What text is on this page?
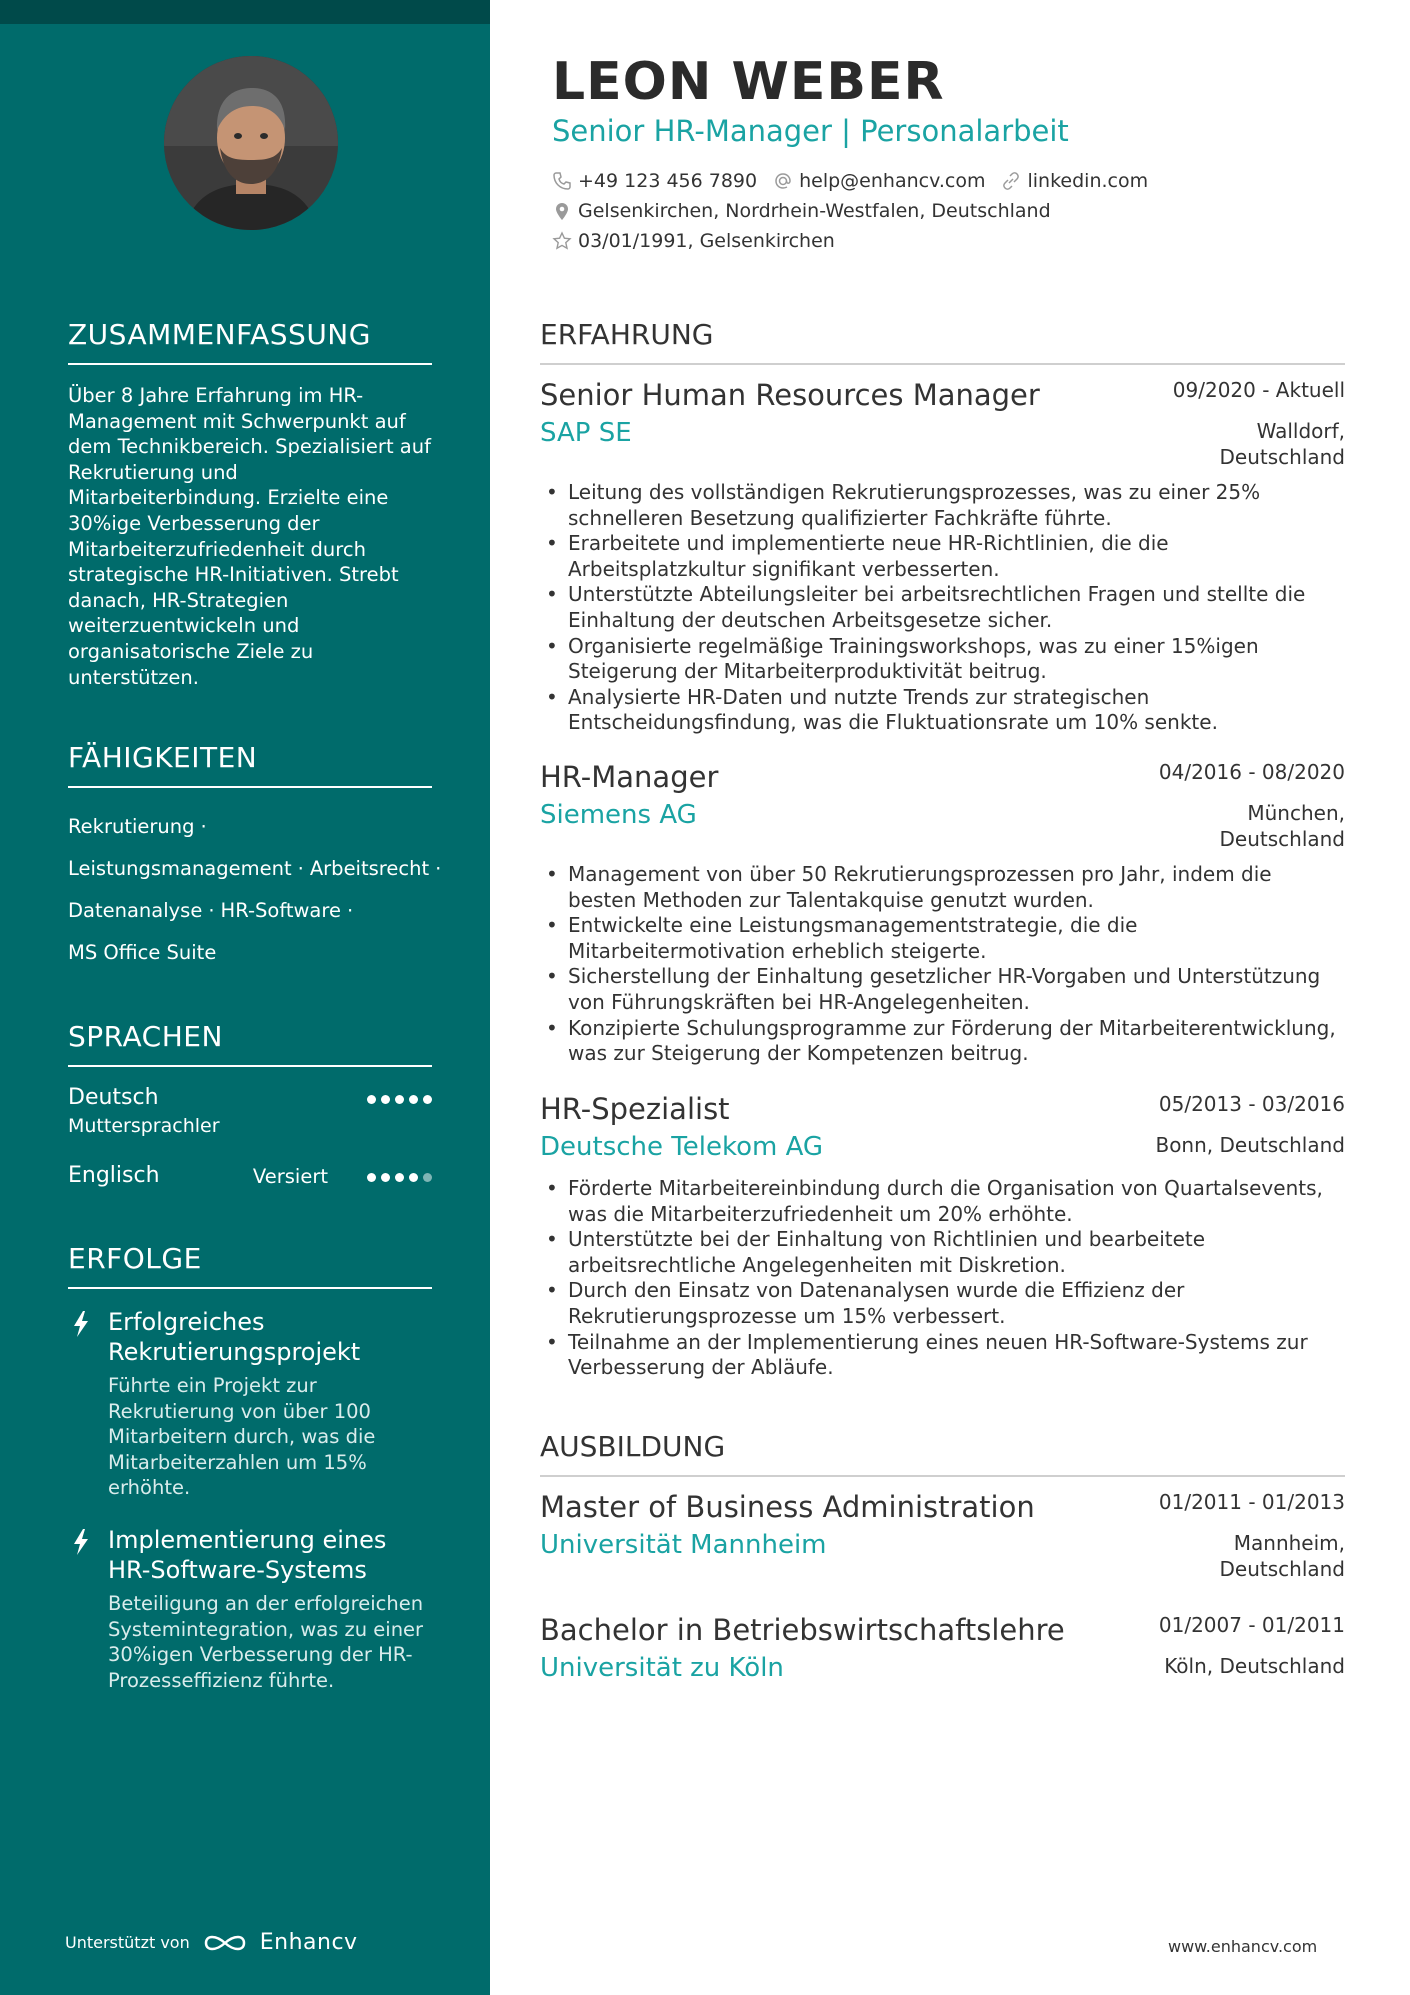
ZUSAMMENFASSUNG
Über 8 Jahre Erfahrung im HR-Management mit Schwerpunkt auf dem Technikbereich. Spezialisiert auf Rekrutierung und Mitarbeiterbindung. Erzielte eine 30%ige Verbesserung der Mitarbeiterzufriedenheit durch strategische HR-Initiativen. Strebt danach, HR-Strategien weiterzuentwickeln und organisatorische Ziele zu unterstützen.
FÄHIGKEITEN
Rekrutierung ·
Leistungsmanagement · Arbeitsrecht ·
Datenanalyse · HR-Software ·
MS Office Suite
SPRACHEN
Deutsch
Muttersprachler
Englisch	Versiert
ERFOLGE
Erfolgreiches Rekrutierungsprojekt
Führte ein Projekt zur Rekrutierung von über 100 Mitarbeitern durch, was die Mitarbeiterzahlen um 15% erhöhte.
Implementierung eines HR-Software-Systems
Beteiligung an der erfolgreichen Systemintegration, was zu einer 30%igen Verbesserung der HR-Prozesseffizienz führte.
Unterstützt von	Enhancv
LEON WEBER
Senior HR-Manager | Personalarbeit
+49 123 456 7890 help@enhancv.com linkedin.com
Gelsenkirchen, Nordrhein-Westfalen, Deutschland
03/01/1991, Gelsenkirchen
ERFAHRUNG
Senior Human Resources Manager	09/2020 - Aktuell
SAP SE	Walldorf,
Deutschland
• Leitung des vollständigen Rekrutierungsprozesses, was zu einer 25% schnelleren Besetzung qualifizierter Fachkräfte führte.
• Erarbeitete und implementierte neue HR-Richtlinien, die die Arbeitsplatzkultur signifikant verbesserten.
• Unterstützte Abteilungsleiter bei arbeitsrechtlichen Fragen und stellte die Einhaltung der deutschen Arbeitsgesetze sicher.
• Organisierte regelmäßige Trainingsworkshops, was zu einer 15%igen Steigerung der Mitarbeiterproduktivität beitrug.
• Analysierte HR-Daten und nutzte Trends zur strategischen Entscheidungsfindung, was die Fluktuationsrate um 10% senkte.
HR-Manager	04/2016 - 08/2020
Siemens AG	München,
Deutschland
• Management von über 50 Rekrutierungsprozessen pro Jahr, indem die besten Methoden zur Talentakquise genutzt wurden.
• Entwickelte eine Leistungsmanagementstrategie, die die Mitarbeitermotivation erheblich steigerte.
• Sicherstellung der Einhaltung gesetzlicher HR-Vorgaben und Unterstützung von Führungskräften bei HR-Angelegenheiten.
• Konzipierte Schulungsprogramme zur Förderung der Mitarbeiterentwicklung, was zur Steigerung der Kompetenzen beitrug.
HR-Spezialist	05/2013 - 03/2016
Deutsche Telekom AG	Bonn, Deutschland
• Förderte Mitarbeitereinbindung durch die Organisation von Quartalsevents, was die Mitarbeiterzufriedenheit um 20% erhöhte.
• Unterstützte bei der Einhaltung von Richtlinien und bearbeitete arbeitsrechtliche Angelegenheiten mit Diskretion.
• Durch den Einsatz von Datenanalysen wurde die Effizienz der Rekrutierungsprozesse um 15% verbessert.
• Teilnahme an der Implementierung eines neuen HR-Software-Systems zur Verbesserung der Abläufe.
AUSBILDUNG
Master of Business Administration	01/2011 - 01/2013
Universität Mannheim	Mannheim,
Deutschland
Bachelor in Betriebswirtschaftslehre	01/2007 - 01/2011
Universität zu Köln	Köln, Deutschland
www.enhancv.com
